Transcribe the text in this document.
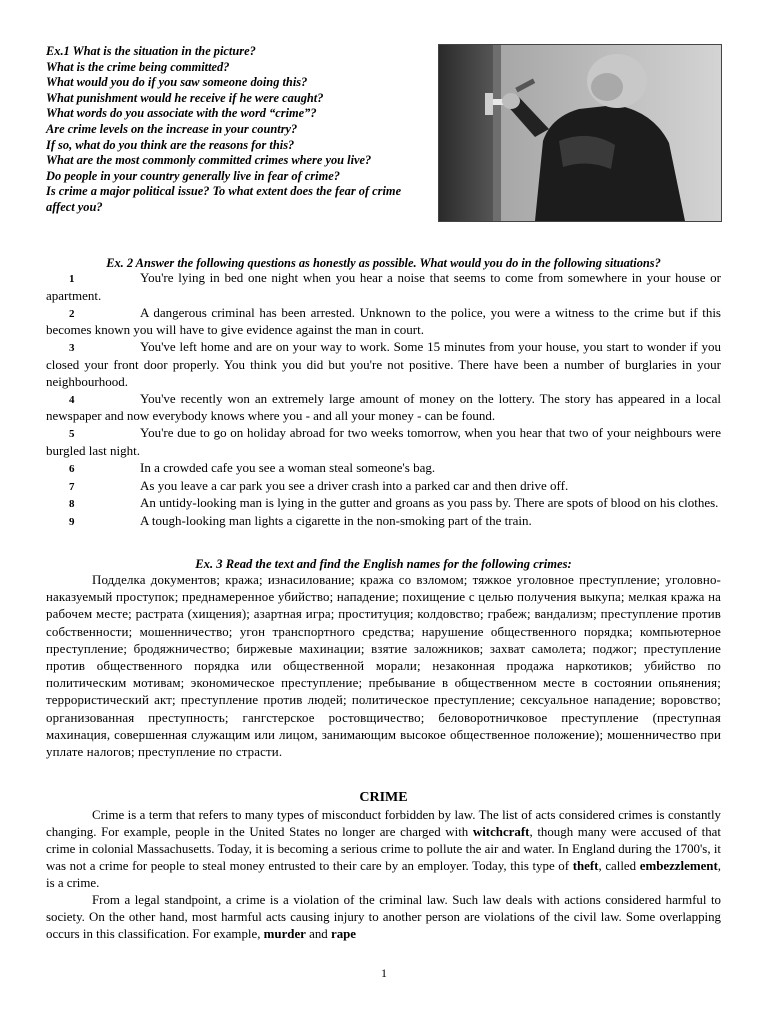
Ex.1 What is the situation in the picture?
What is the crime being committed?
What would you do if you saw someone doing this?
What punishment would he receive if he were caught?
What words do you associate with the word “crime”?
Are crime levels on the increase in your country?
If so, what do you think are the reasons for this?
What are the most commonly committed crimes where you live?
Do people in your country generally live in fear of crime?
Is crime a major political issue? To what extent does the fear of crime affect you?
Ex. 2 Answer the following questions as honestly as possible. What would you do in the following situations?
1	You're lying in bed one night when you hear a noise that seems to come from somewhere in your house or apartment.
2	A dangerous criminal has been arrested. Unknown to the police, you were a witness to the crime but if this becomes known you will have to give evidence against the man in court.
3	You've left home and are on your way to work. Some 15 minutes from your house, you start to wonder if you closed your front door properly. You think you did but you're not positive. There have been a number of burglaries in your neighbourhood.
4	You've recently won an extremely large amount of money on the lottery. The story has appeared in a local newspaper and now everybody knows where you - and all your money - can be found.
5	You're due to go on holiday abroad for two weeks tomorrow, when you hear that two of your neighbours were burgled last night.
6	In a crowded cafe you see a woman steal someone's bag.
7	As you leave a car park you see a driver crash into a parked car and then drive off.
8	An untidy-looking man is lying in the gutter and groans as you pass by. There are spots of blood on his clothes.
9	A tough-looking man lights a cigarette in the non-smoking part of the train.
Ex. 3 Read the text and find the English names for the following crimes:
Подделка документов; кража; изнасилование; кража со взломом; тяжкое уголовное преступление; уголовно-наказуемый проступок; преднамеренное убийство; нападение; похищение с целью получения выкупа; мелкая кража на рабочем месте; растрата (хищения); азартная игра; проституция; колдовство; грабеж; вандализм; преступление против собственности; мошенничество; угон транспортного средства; нарушение общественного порядка; компьютерное преступление; бродяжничество; биржевые махинации; взятие заложников; захват самолета; поджог; преступление против общественного порядка или общественной морали; незаконная продажа наркотиков; убийство по политическим мотивам; экономическое преступление; пребывание в общественном месте в состоянии опьянения; террористический акт; преступление против людей; политическое преступление; сексуальное нападение; воровство; организованная преступность; гангстерское ростовщичество; беловоротничковое преступление (преступная махинация, совершенная служащим или лицом, занимающим высокое общественное положение); мошенничество при уплате налогов; преступление по страсти.
CRIME

Crime is a term that refers to many types of misconduct forbidden by law. The list of acts considered crimes is constantly changing. For example, people in the United States no longer are charged with witchcraft, though many were accused of that crime in colonial Massachusetts. Today, it is becoming a serious crime to pollute the air and water. In England during the 1700's, it was not a crime for people to steal money entrusted to their care by an employer. Today, this type of theft, called embezzlement, is a crime.

From a legal standpoint, a crime is a violation of the criminal law. Such law deals with actions considered harmful to society. On the other hand, most harmful acts causing injury to another person are violations of the civil law. Some overlapping occurs in this classification. For example, murder and rape

1
